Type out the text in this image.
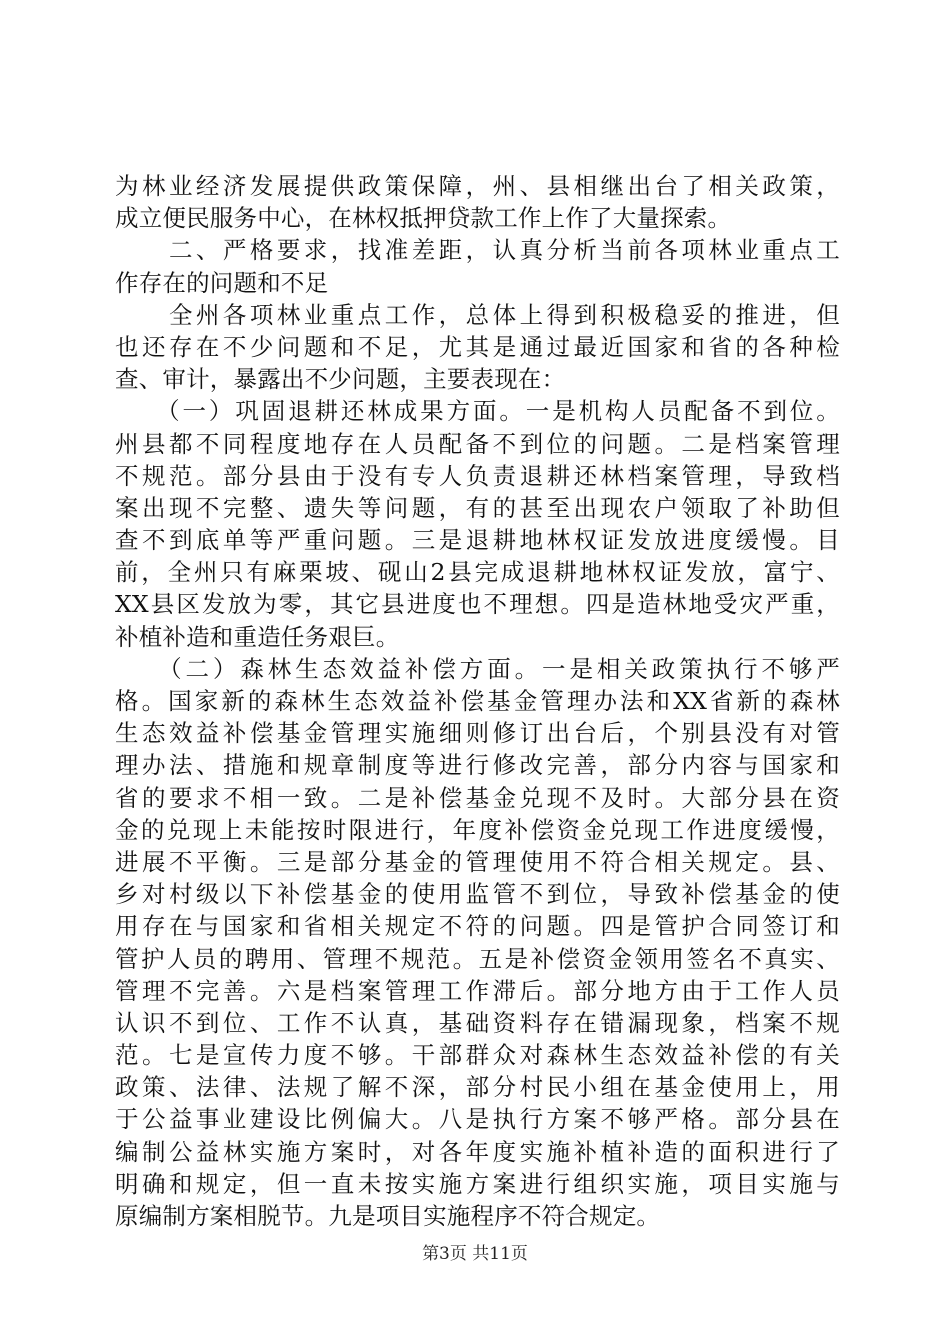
为林业经济发展提供政策保障，州、县相继出台了相关政策，
成立便民服务中心，在林权抵押贷款工作上作了大量探索。
　　二、严格要求，找准差距，认真分析当前各项林业重点工
作存在的问题和不足
　　全州各项林业重点工作，总体上得到积极稳妥的推进，但
也还存在不少问题和不足，尤其是通过最近国家和省的各种检
查、审计，暴露出不少问题，主要表现在：
　　（一）巩固退耕还林成果方面。一是机构人员配备不到位。
州县都不同程度地存在人员配备不到位的问题。二是档案管理
不规范。部分县由于没有专人负责退耕还林档案管理，导致档
案出现不完整、遗失等问题，有的甚至出现农户领取了补助但
查不到底单等严重问题。三是退耕地林权证发放进度缓慢。目
前，全州只有麻栗坡、砚山2县完成退耕地林权证发放，富宁、
XX县区发放为零，其它县进度也不理想。四是造林地受灾严重，
补植补造和重造任务艰巨。
　　（二）森林生态效益补偿方面。一是相关政策执行不够严
格。国家新的森林生态效益补偿基金管理办法和XX省新的森林
生态效益补偿基金管理实施细则修订出台后，个别县没有对管
理办法、措施和规章制度等进行修改完善，部分内容与国家和
省的要求不相一致。二是补偿基金兑现不及时。大部分县在资
金的兑现上未能按时限进行，年度补偿资金兑现工作进度缓慢，
进展不平衡。三是部分基金的管理使用不符合相关规定。县、
乡对村级以下补偿基金的使用监管不到位，导致补偿基金的使
用存在与国家和省相关规定不符的问题。四是管护合同签订和
管护人员的聘用、管理不规范。五是补偿资金领用签名不真实、
管理不完善。六是档案管理工作滞后。部分地方由于工作人员
认识不到位、工作不认真，基础资料存在错漏现象，档案不规
范。七是宣传力度不够。干部群众对森林生态效益补偿的有关
政策、法律、法规了解不深，部分村民小组在基金使用上，用
于公益事业建设比例偏大。八是执行方案不够严格。部分县在
编制公益林实施方案时，对各年度实施补植补造的面积进行了
明确和规定，但一直未按实施方案进行组织实施，项目实施与
原编制方案相脱节。九是项目实施程序不符合规定。
第3页 共11页
